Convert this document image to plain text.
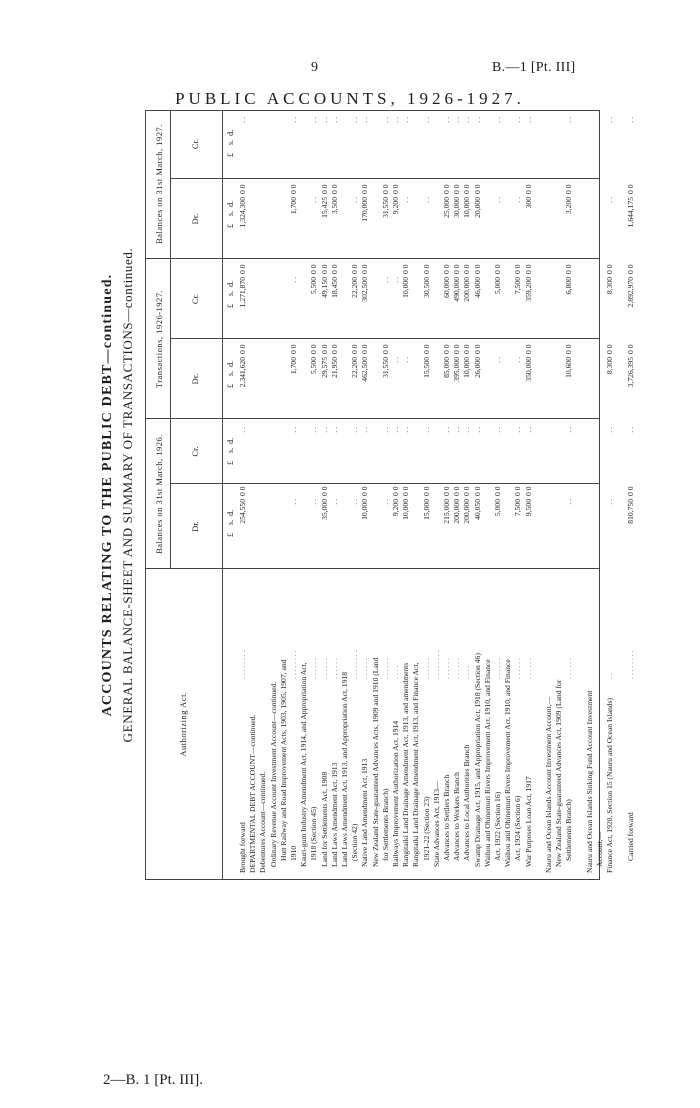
9	B.—1 [Pt. III]
PUBLIC ACCOUNTS, 1926-1927.
ACCOUNTS RELATING TO THE PUBLIC DEBT—continued. GENERAL BALANCE-SHEET AND SUMMARY OF TRANSACTIONS—continued.	Authorizing Act.
Balances on 31st March, 1926.
Transactions, 1926-1927.
Balances on 31st March, 1927.
Dr.
Cr.
Dr.
Cr.
Dr.
Cr.
£    s.  d.
£    s.  d.
£    s.  d.
£    s.  d.
£    s.  d.
£    s.  d.
Brought forward
. . . . . . . .
254,550
0 0
. .
2,341,620
0 0
1,271,870
0 0
1,324,300
0 0
. .
DEPARTMENTAL DEBT ACCOUNT—continued. Debentures Account—continued. Ordinary Revenue Account Investment Account—continued. Hutt Railway and Road Improvement Acts, 1903, 1905, 1907, and 1910
. . . . . . . .
. .
. .
1,700
0 0
. .
1,700
0 0
. .
Kauri-gum Industry Amendment Act, 1914, and Appropriation Act, 1918 (Section 45)
. . . . . .
. .
. .
5,500
0 0
5,500
0 0
. .
. .
Land for Settlements Act, 1908
. . . . . .
35,000
0 0
. .
29,575
0 0
49,150
0 0
15,425
0 0
. .
Land Laws Amendment Act, 1913
. . . . . .
. .
. .
21,950
0 0
18,450
0 0
3,500
0 0
. .
Land Laws Amendment Act, 1913, and Appropriation Act, 1918 (Section 42)
. . . . . . . .
. .
. .
22,200
0 0
22,200
0 0
. .
. .
Native Land Amendment Act, 1913
. . . . . .
10,000
0 0
. .
462,500
0 0
302,500
0 0
170,000
0 0
. .
New Zealand State-guaranteed Advances Acts, 1909 and 1910 (Land for Settlements Branch)
. . . . . .
. .
. .
31,550
0 0
. .
31,550
0 0
. .
Railways Improvement Authorization Act, 1914
. . . .
9,200
0 0
. .
. .
. .
9,200
0 0
. .
Rangitaiki Land Drainage Amendment Act, 1913, and amendments
10,000
0 0
. .
. .
10,000
0 0
. .
. .
Rangitaiki Land Drainage Amendment Act, 1913, and Finance Act, 1921-22 (Section 23)
. . . . . .
15,000
0 0
. .
15,500
0 0
30,500
0 0
. .
. .
State Advances Act, 1913—
. . . . . . . .
Advances to Settlers Branch
. . . . . .
215,000
0 0
. .
85,000
0 0
60,000
0 0
25,000
0 0
. .
Advances to Workers Branch
. . . . . .
200,000
0 0
. .
395,000
0 0
490,000
0 0
30,000
0 0
. .
Advances to Local Authorities Branch
. . . .
200,000
0 0
. .
10,000
0 0
200,000
0 0
10,000
0 0
. .
Swamp Drainage Act, 1915, and Appropriation Act, 1918 (Section 46)
40,050
0 0
. .
26,000
0 0
46,000
0 0
20,000
0 0
. .
Waihou and Ohinemuri Rivers Improvement Act, 1910, and Finance Act, 1922 (Section 16)
. . . . . .
5,000
0 0
. .
. .
5,000
0 0
. .
. .
Waihou and Ohinemuri Rivers Improvement Act, 1910, and Finance Act, 1924 (Section 6)
. . . . . .
7,500
0 0
. .
. .
7,500
0 0
. .
. .
War Purposes Loan Act, 1917
. . . . . .
9,500
0 0
. .
350,000
0 0
359,200
0 0
300
0 0
. .
Nauru and Ocean Islands Account Investment Account,— New Zealand State-guaranteed Advances Act, 1909 (Land for Settlements Branch)
. . . . . .
. .
. .
10,600
0 0
6,800
0 0
3,200
0 0
. .
Nauru and Ocean Islands Sinking Fund Account Investment Account,— Finance Act, 1920, Section 15 (Nauru and Ocean Islands)
. .
. .
. .
8,300
0 0
8,300
0 0
. .
. .
Carried forward
. . . . . . . .
810,750
0 0
. .
3,726,395
0 0
2,892,970
0 0
1,644,175
0 0
. .
2—B. 1 [Pt. III].
